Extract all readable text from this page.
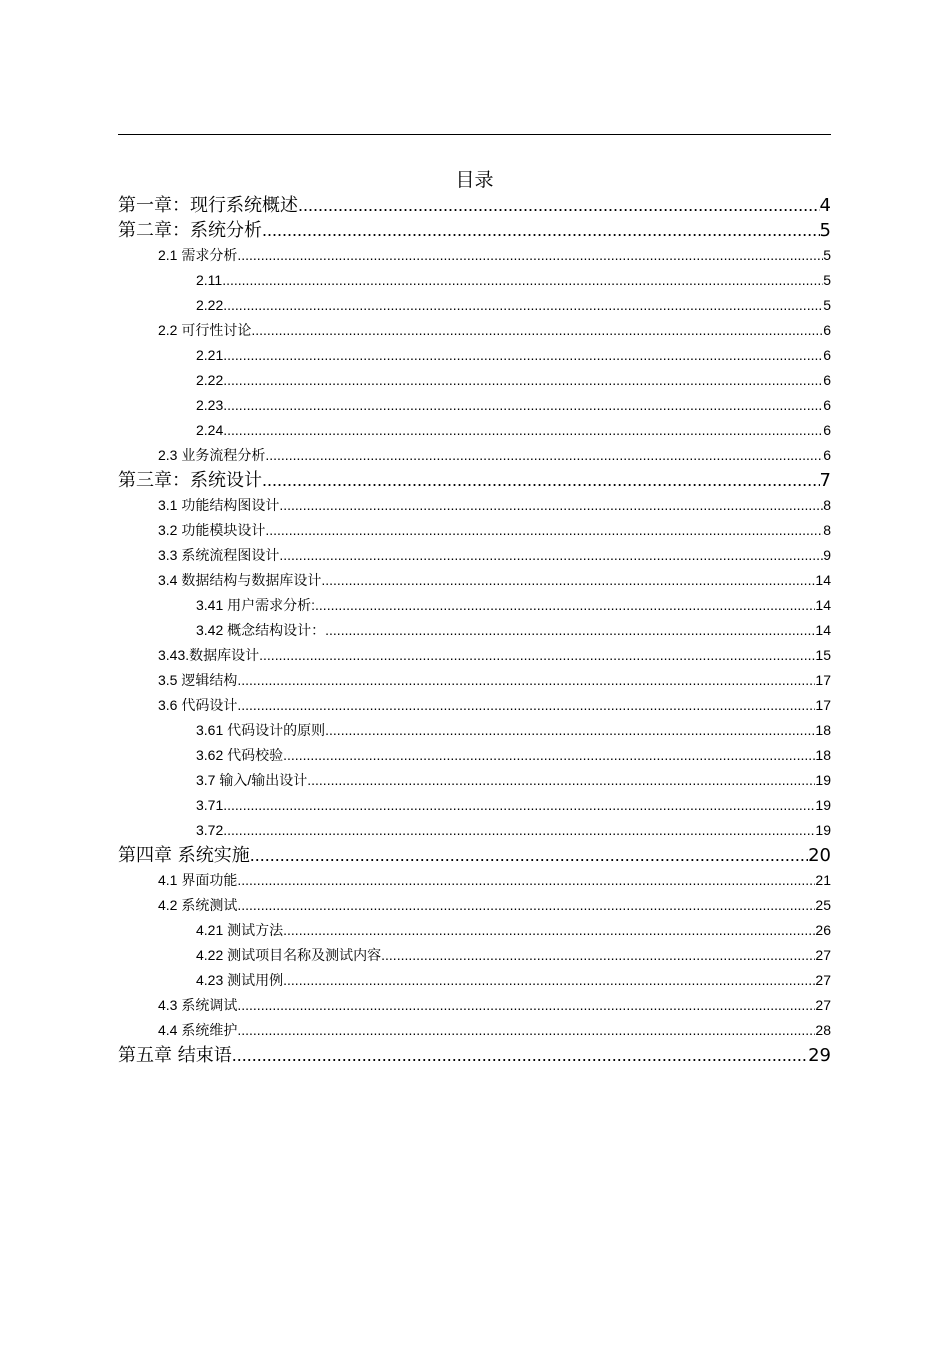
目录
第一章：现行系统概述 .....	4
第二章：系统分析 .....	5
2.1 需求分析 .....	5
2.11 .....	5
2.22 .....	5
2.2 可行性讨论 .....	6
2.21 .....	6
2.22 .....	6
2.23 .....	6
2.24 .....	6
2.3 业务流程分析 .....	6
第三章：系统设计 .....	7
3.1 功能结构图设计 .....	8
3.2 功能模块设计 .....	8
3.3 系统流程图设计 .....	9
3.4 数据结构与数据库设计 .....	14
3.41 用户需求分析: .....	14
3.42 概念结构设计： .....	14
3.43.数据库设计 .....	15
3.5 逻辑结构 .....	17
3.6 代码设计 .....	17
3.61 代码设计的原则 .....	18
3.62 代码校验 .....	18
3.7 输入/输出设计 .....	19
3.71 .....	19
3.72 .....	19
第四章 系统实施 .....	20
4.1 界面功能 .....	21
4.2 系统测试 .....	25
4.21 测试方法 .....	26
4.22 测试项目名称及测试内容 .....	27
4.23 测试用例 .....	27
4.3 系统调试 .....	27
4.4 系统维护 .....	28
第五章 结束语 .....	29
